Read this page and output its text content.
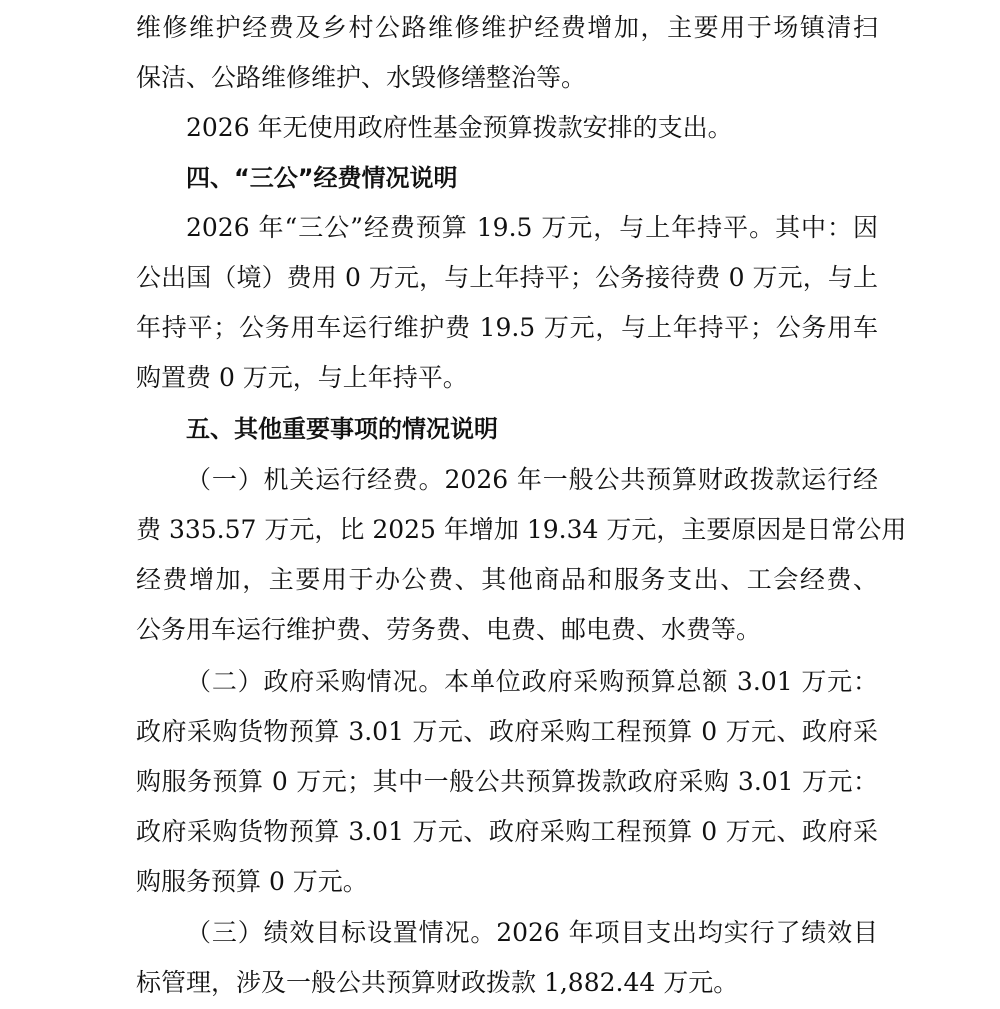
维修维护经费及乡村公路维修维护经费增加，主要用于场镇清扫
保洁、公路维修维护、水毁修缮整治等。
2026 年无使用政府性基金预算拨款安排的支出。
四、“三公”经费情况说明
2026 年“三公”经费预算 19.5 万元，与上年持平。其中：因
公出国（境）费用 0 万元，与上年持平；公务接待费 0 万元，与上
年持平；公务用车运行维护费 19.5 万元，与上年持平；公务用车
购置费 0 万元，与上年持平。
五、其他重要事项的情况说明
（一）机关运行经费。2026 年一般公共预算财政拨款运行经
费 335.57 万元，比 2025 年增加 19.34 万元，主要原因是日常公用
经费增加，主要用于办公费、其他商品和服务支出、工会经费、
公务用车运行维护费、劳务费、电费、邮电费、水费等。
（二）政府采购情况。本单位政府采购预算总额 3.01 万元：
政府采购货物预算 3.01 万元、政府采购工程预算 0 万元、政府采
购服务预算 0 万元；其中一般公共预算拨款政府采购 3.01 万元：
政府采购货物预算 3.01 万元、政府采购工程预算 0 万元、政府采
购服务预算 0 万元。
（三）绩效目标设置情况。2026 年项目支出均实行了绩效目
标管理，涉及一般公共预算财政拨款 1,882.44 万元。
